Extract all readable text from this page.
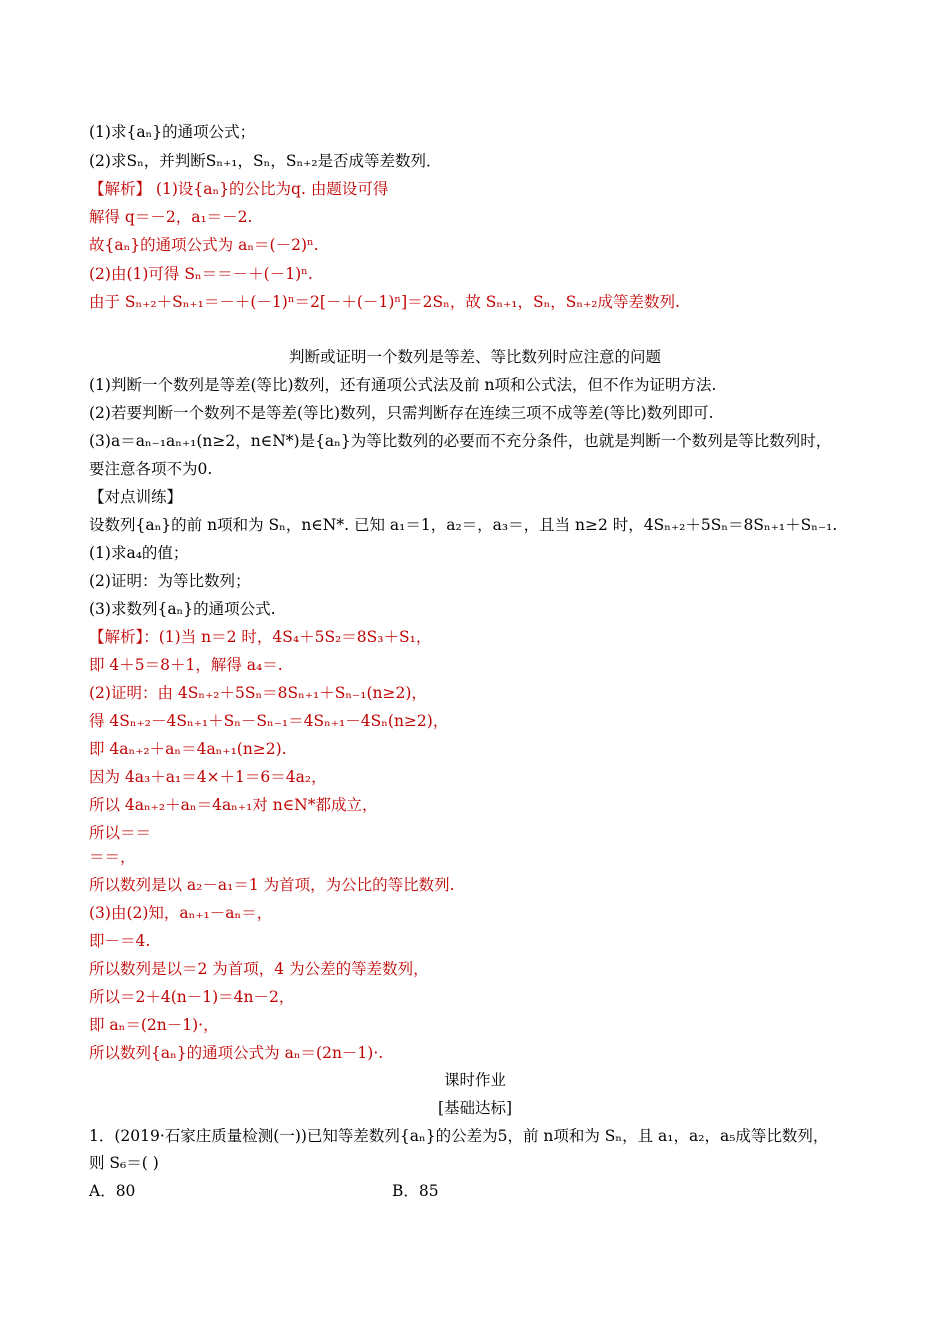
(1)求{aₙ}的通项公式；
(2)求Sₙ，并判断Sₙ₊₁，Sₙ，Sₙ₊₂是否成等差数列．
【解析】 (1)设{aₙ}的公比为q. 由题设可得
解得 q＝－2，a₁＝－2.
故{aₙ}的通项公式为 aₙ＝(－2)ⁿ.
(2)由(1)可得 Sₙ＝＝－＋(－1)ⁿ.
由于 Sₙ₊₂＋Sₙ₊₁＝－＋(－1)ⁿ＝2[－＋(－1)ⁿ]＝2Sₙ，故 Sₙ₊₁，Sₙ，Sₙ₊₂成等差数列.
判断或证明一个数列是等差、等比数列时应注意的问题
(1)判断一个数列是等差(等比)数列，还有通项公式法及前 n项和公式法，但不作为证明方法.
(2)若要判断一个数列不是等差(等比)数列，只需判断存在连续三项不成等差(等比)数列即可.
(3)a＝aₙ₋₁aₙ₊₁(n≥2，n∈N*)是{aₙ}为等比数列的必要而不充分条件，也就是判断一个数列是等比数列时，
要注意各项不为0.
【对点训练】
设数列{aₙ}的前 n项和为 Sₙ，n∈N*. 已知 a₁＝1，a₂＝，a₃＝，且当 n≥2 时，4Sₙ₊₂＋5Sₙ＝8Sₙ₊₁＋Sₙ₋₁.
(1)求a₄的值；
(2)证明：为等比数列；
(3)求数列{aₙ}的通项公式.
【解析】：(1)当 n＝2 时，4S₄＋5S₂＝8S₃＋S₁，
即 4＋5＝8＋1，解得 a₄＝.
(2)证明：由 4Sₙ₊₂＋5Sₙ＝8Sₙ₊₁＋Sₙ₋₁(n≥2)，
得 4Sₙ₊₂－4Sₙ₊₁＋Sₙ－Sₙ₋₁＝4Sₙ₊₁－4Sₙ(n≥2)，
即 4aₙ₊₂＋aₙ＝4aₙ₊₁(n≥2).
因为 4a₃＋a₁＝4×＋1＝6＝4a₂，
所以 4aₙ₊₂＋aₙ＝4aₙ₊₁对 n∈N*都成立，
所以＝＝
＝＝，
所以数列是以 a₂－a₁＝1 为首项，为公比的等比数列.
(3)由(2)知，aₙ₊₁－aₙ＝，
即－＝4.
所以数列是以＝2 为首项，4 为公差的等差数列，
所以＝2＋4(n－1)＝4n－2，
即 aₙ＝(2n－1)·，
所以数列{aₙ}的通项公式为 aₙ＝(2n－1)·.
课时作业
[基础达标]
1．(2019·石家庄质量检测(一))已知等差数列{aₙ}的公差为5，前 n项和为 Sₙ，且 a₁，a₂，a₅成等比数列，
则 S₆＝( )
A．80	B．85
